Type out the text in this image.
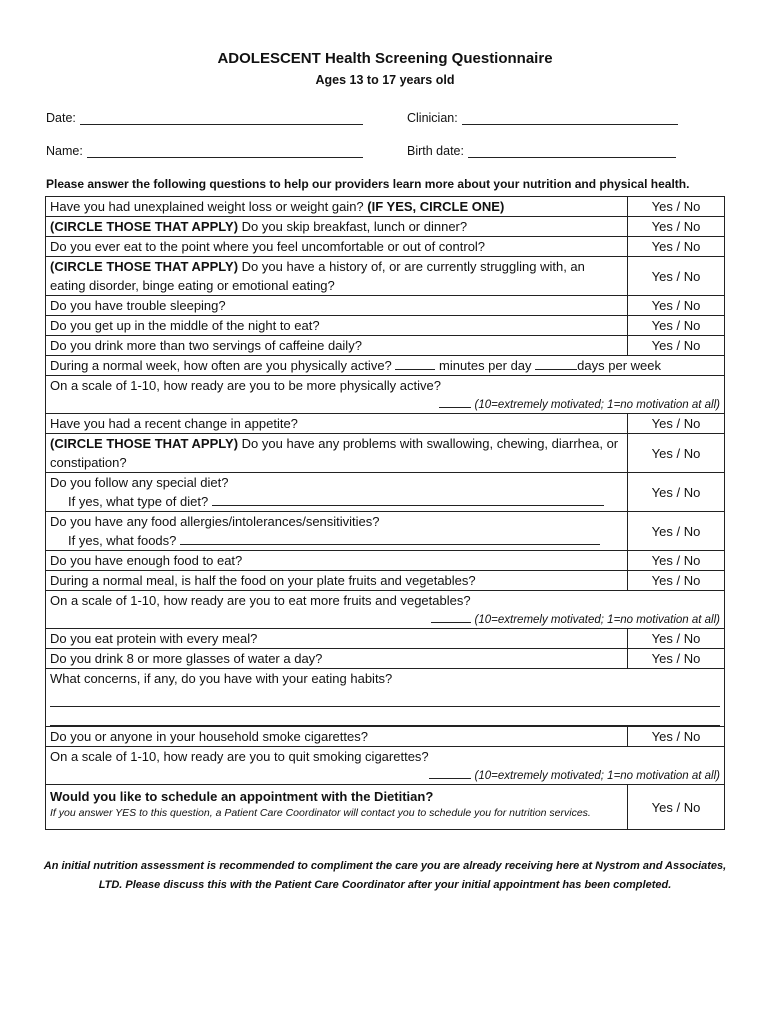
ADOLESCENT Health Screening Questionnaire
Ages 13 to 17 years old
Date:	Clinician:
Name:	Birth date:
Please answer the following questions to help our providers learn more about your nutrition and physical health.
Have you had unexplained weight loss or weight gain? (IF YES, CIRCLE ONE)	Yes / No
(CIRCLE THOSE THAT APPLY) Do you skip breakfast, lunch or dinner?	Yes / No
Do you ever eat to the point where you feel uncomfortable or out of control?	Yes / No
(CIRCLE THOSE THAT APPLY) Do you have a history of, or are currently struggling with, an eating disorder, binge eating or emotional eating?	Yes / No
Do you have trouble sleeping?	Yes / No
Do you get up in the middle of the night to eat?	Yes / No
Do you drink more than two servings of caffeine daily?	Yes / No
During a normal week, how often are you physically active? minutes per day days per week	

On a scale of 1-10, how ready are you to be more physically active?
(10=extremely motivated; 1=no motivation at all)	

Have you had a recent change in appetite?	Yes / No
(CIRCLE THOSE THAT APPLY) Do you have any problems with swallowing, chewing, diarrhea, or constipation?	Yes / No
Do you follow any special diet?
If yes, what type of diet?	Yes / No
Do you have any food allergies/intolerances/sensitivities?
If yes, what foods?	Yes / No
Do you have enough food to eat?	Yes / No
During a normal meal, is half the food on your plate fruits and vegetables?	Yes / No

On a scale of 1-10, how ready are you to eat more fruits and vegetables?
(10=extremely motivated; 1=no motivation at all)	

Do you eat protein with every meal?	Yes / No
Do you drink 8 or more glasses of water a day?	Yes / No

What concerns, if any, do you have with your eating habits?	

Do you or anyone in your household smoke cigarettes?	Yes / No

On a scale of 1-10, how ready are you to quit smoking cigarettes?
(10=extremely motivated; 1=no motivation at all)	

Would you like to schedule an appointment with the Dietitian?
If you answer YES to this question, a Patient Care Coordinator will contact you to schedule you for nutrition services.	Yes / No
An initial nutrition assessment is recommended to compliment the care you are already receiving here at Nystrom and Associates, LTD. Please discuss this with the Patient Care Coordinator after your initial appointment has been completed.
